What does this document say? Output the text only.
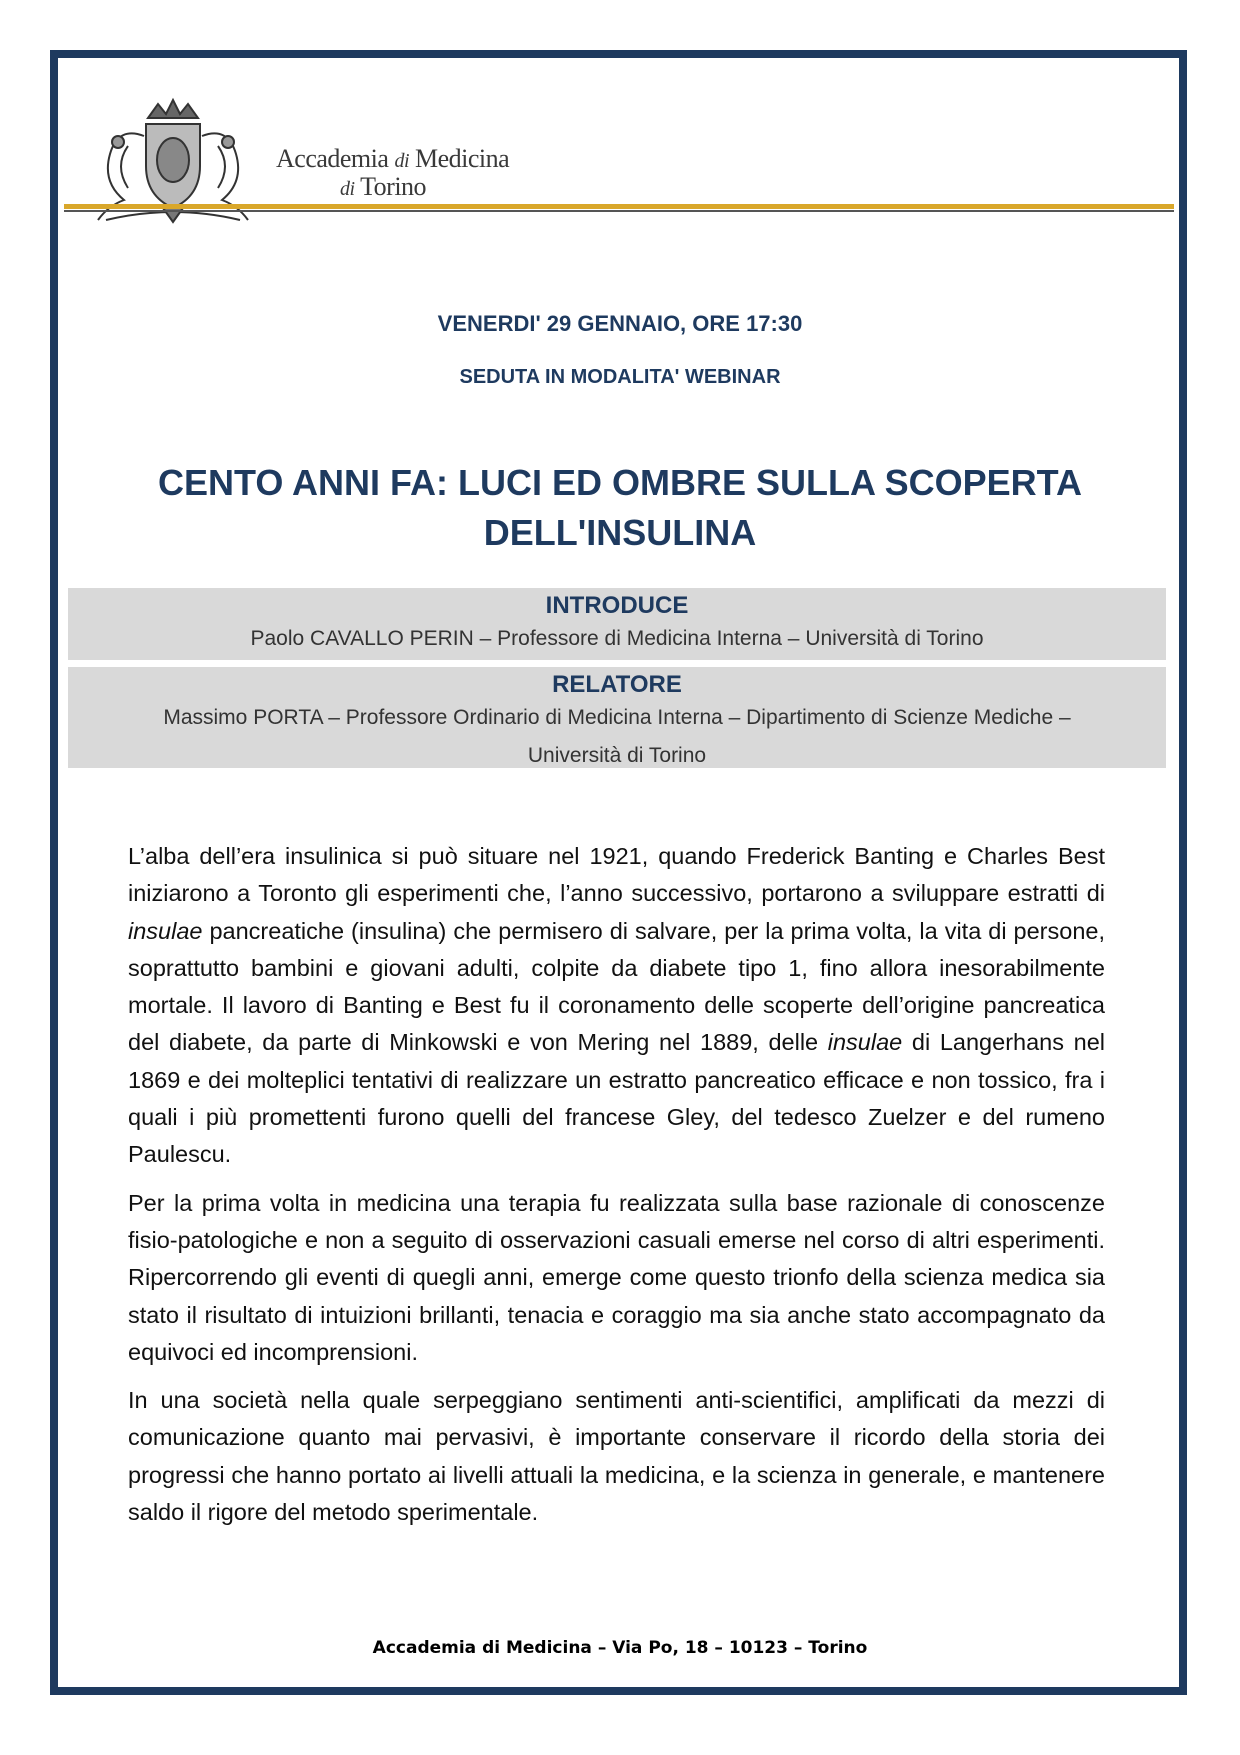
Accademia di Medicina
di Torino
VENERDI' 29 GENNAIO, ORE 17:30
SEDUTA IN MODALITA' WEBINAR
CENTO ANNI FA: LUCI ED OMBRE SULLA SCOPERTA
DELL'INSULINA
INTRODUCE
Paolo CAVALLO PERIN – Professore di Medicina Interna – Università di Torino
RELATORE
Massimo PORTA – Professore Ordinario di Medicina Interna – Dipartimento di Scienze Mediche –
Università di Torino

L’alba dell’era insulinica si può situare nel 1921, quando Frederick Banting e Charles Best iniziarono a Toronto gli esperimenti che, l’anno successivo, portarono a sviluppare estratti di insulae pancreatiche (insulina) che permisero di salvare, per la prima volta, la vita di persone, soprattutto bambini e giovani adulti, colpite da diabete tipo 1, fino allora inesorabilmente mortale. Il lavoro di Banting e Best fu il coronamento delle scoperte dell’origine pancreatica del diabete, da parte di Minkowski e von Mering nel 1889, delle insulae di Langerhans nel 1869 e dei molteplici tentativi di realizzare un estratto pancreatico efficace e non tossico, fra i quali i più promettenti furono quelli del francese Gley, del tedesco Zuelzer e del rumeno Paulescu.

Per la prima volta in medicina una terapia fu realizzata sulla base razionale di conoscenze fisio-patologiche e non a seguito di osservazioni casuali emerse nel corso di altri esperimenti. Ripercorrendo gli eventi di quegli anni, emerge come questo trionfo della scienza medica sia stato il risultato di intuizioni brillanti, tenacia e coraggio ma sia anche stato accompagnato da equivoci ed incomprensioni.

In una società nella quale serpeggiano sentimenti anti-scientifici, amplificati da mezzi di comunicazione quanto mai pervasivi, è importante conservare il ricordo della storia dei progressi che hanno portato ai livelli attuali la medicina, e la scienza in generale, e mantenere saldo il rigore del metodo sperimentale.

Accademia di Medicina – Via Po, 18 – 10123 – Torino
